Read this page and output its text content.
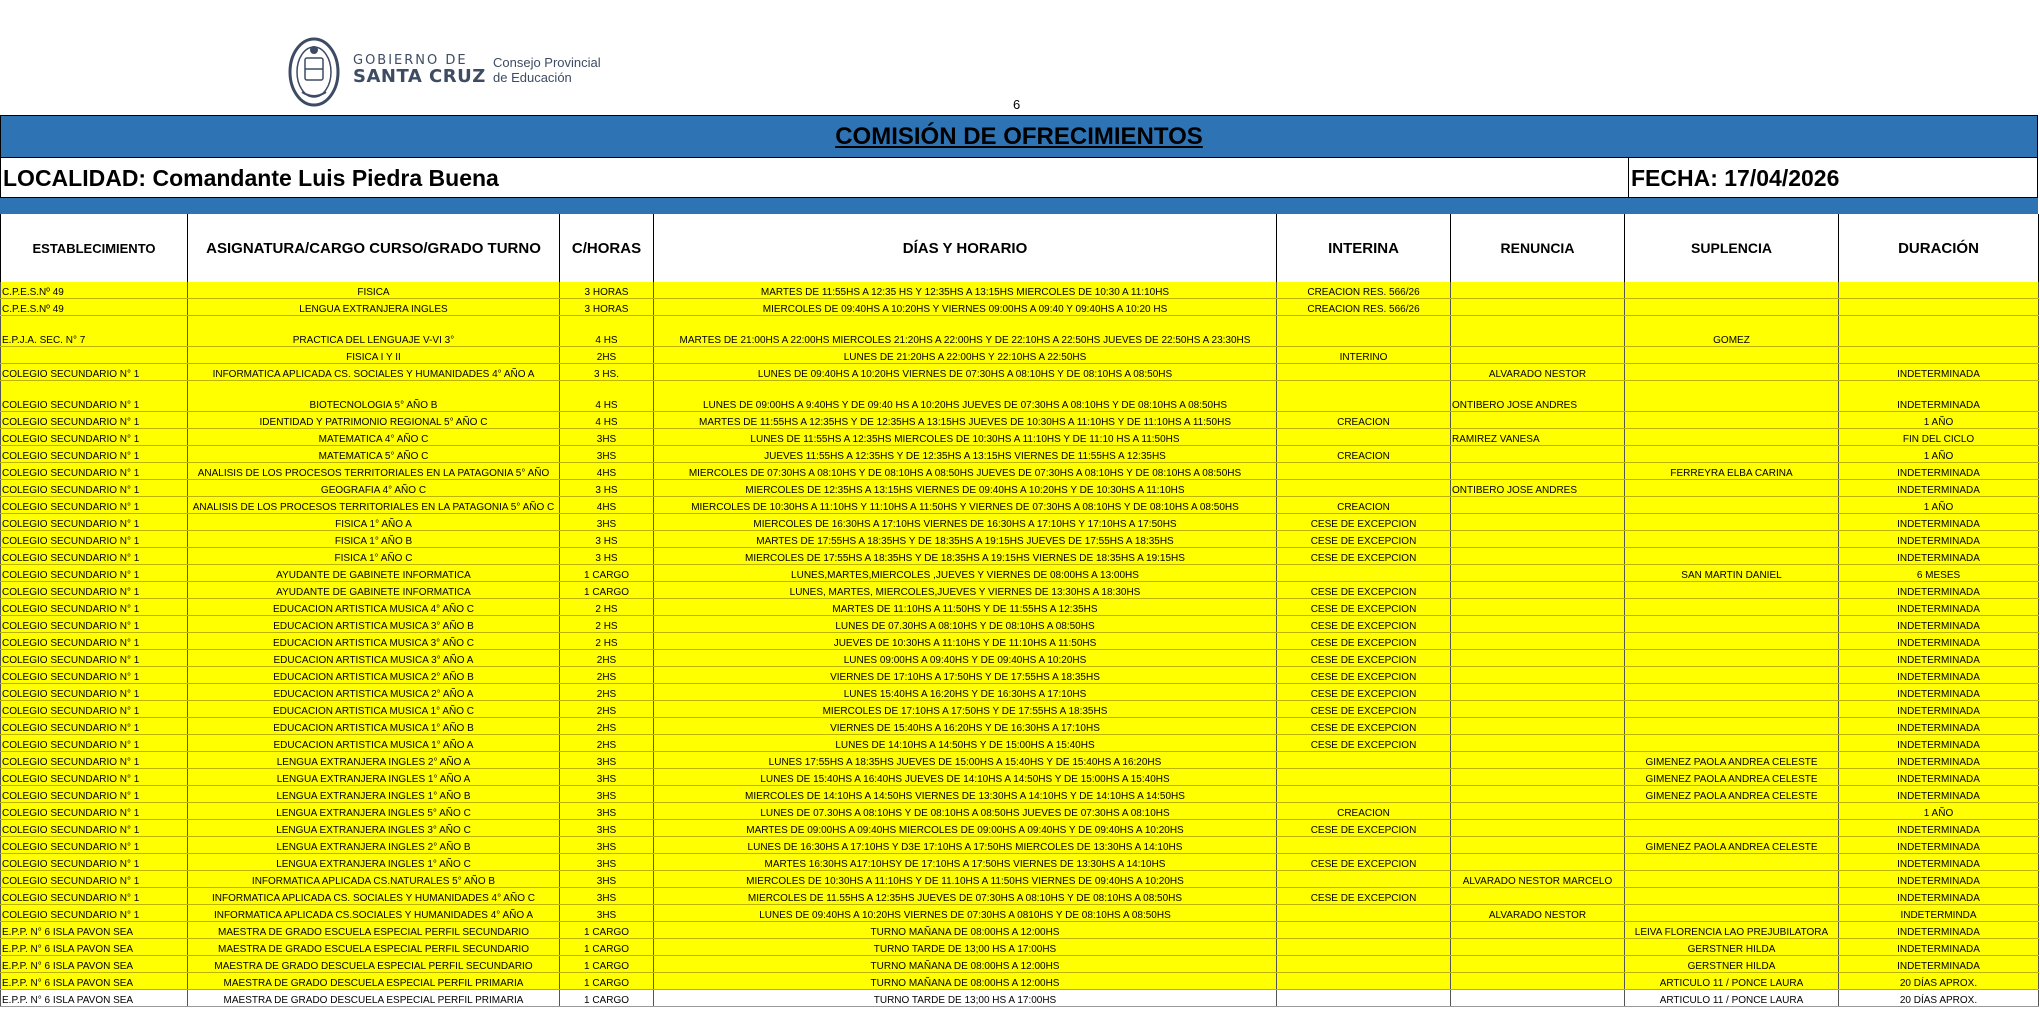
GOBIERNO DE
SANTA CRUZ
Consejo Provincial
de Educación
6
COMISIÓN DE OFRECIMIENTOS
LOCALIDAD: Comandante Luis Piedra Buena	FECHA: 17/04/2026
ESTABLECIMIENTO	ASIGNATURA/CARGO CURSO/GRADO TURNO	C/HORAS	DÍAS Y HORARIO	INTERINA	RENUNCIA	SUPLENCIA	DURACIÓN
C.P.E.S.Nº 49	FISICA	3 HORAS	MARTES DE 11:55HS A 12:35 HS Y 12:35HS A 13:15HS MIERCOLES DE 10:30 A 11:10HS	CREACION RES. 566/26			
C.P.E.S.Nº 49	LENGUA EXTRANJERA INGLES	3 HORAS	MIERCOLES DE 09:40HS A 10:20HS Y VIERNES 09:00HS A 09:40 Y 09:40HS A 10:20 HS	CREACION RES. 566/26			
E.P.J.A. SEC. N° 7	PRACTICA DEL LENGUAJE V-VI 3°	4 HS	MARTES DE 21:00HS A 22:00HS MIERCOLES 21:20HS A 22:00HS Y DE 22:10HS A 22:50HS JUEVES DE 22:50HS A 23:30HS			GOMEZ	
	FISICA I Y II	2HS	LUNES DE 21:20HS A 22:00HS Y 22:10HS A 22:50HS	INTERINO			
COLEGIO SECUNDARIO N° 1	INFORMATICA APLICADA CS. SOCIALES Y HUMANIDADES 4° AÑO A	3 HS.	LUNES DE 09:40HS A 10:20HS VIERNES DE 07:30HS A 08:10HS Y DE 08:10HS A 08:50HS		ALVARADO NESTOR		INDETERMINADA
COLEGIO SECUNDARIO N° 1	BIOTECNOLOGIA 5° AÑO B	4 HS	LUNES DE 09:00HS A 9:40HS Y DE 09:40 HS A 10:20HS JUEVES DE 07:30HS A 08:10HS Y DE 08:10HS A 08:50HS		ONTIBERO JOSE ANDRES		INDETERMINADA
COLEGIO SECUNDARIO N° 1	IDENTIDAD Y PATRIMONIO REGIONAL 5° AÑO C	4 HS	MARTES DE 11:55HS A 12:35HS Y DE 12:35HS A 13:15HS JUEVES DE 10:30HS A 11:10HS Y DE 11:10HS A 11:50HS	CREACION			1 AÑO
COLEGIO SECUNDARIO N° 1	MATEMATICA 4° AÑO C	3HS	LUNES DE 11:55HS A 12:35HS MIERCOLES DE 10:30HS A 11:10HS Y DE 11:10 HS A 11:50HS		RAMIREZ VANESA		FIN DEL CICLO
COLEGIO SECUNDARIO N° 1	MATEMATICA 5° AÑO C	3HS	JUEVES 11:55HS A 12:35HS Y DE 12:35HS A 13:15HS VIERNES DE 11:55HS A 12:35HS	CREACION			1 AÑO
COLEGIO SECUNDARIO N° 1	ANALISIS DE LOS PROCESOS TERRITORIALES EN LA PATAGONIA 5° AÑO	4HS	MIERCOLES DE 07:30HS A 08:10HS Y DE 08:10HS A 08:50HS JUEVES DE 07:30HS A 08:10HS Y DE 08:10HS A 08:50HS			FERREYRA ELBA CARINA	INDETERMINADA
COLEGIO SECUNDARIO N° 1	GEOGRAFIA 4° AÑO C	3 HS	MIERCOLES DE 12:35HS A 13:15HS VIERNES DE 09:40HS A 10:20HS Y DE 10:30HS A 11:10HS		ONTIBERO JOSE ANDRES		INDETERMINADA
COLEGIO SECUNDARIO N° 1	ANALISIS DE LOS PROCESOS TERRITORIALES EN LA PATAGONIA 5° AÑO C	4HS	MIERCOLES DE 10:30HS A 11:10HS Y 11:10HS A 11:50HS Y VIERNES DE 07:30HS A 08:10HS Y DE 08:10HS A 08:50HS	CREACION			1 AÑO
COLEGIO SECUNDARIO N° 1	FISICA 1° AÑO A	3HS	MIERCOLES DE 16:30HS A 17:10HS VIERNES DE 16:30HS A 17:10HS Y 17:10HS A 17:50HS	CESE DE EXCEPCION			INDETERMINADA
COLEGIO SECUNDARIO N° 1	FISICA 1° AÑO B	3 HS	MARTES DE 17:55HS A 18:35HS Y DE 18:35HS A 19:15HS JUEVES DE 17:55HS A 18:35HS	CESE DE EXCEPCION			INDETERMINADA
COLEGIO SECUNDARIO N° 1	FISICA 1° AÑO C	3 HS	MIERCOLES DE 17:55HS A 18:35HS Y DE 18:35HS A 19:15HS VIERNES DE 18:35HS A 19:15HS	CESE DE EXCEPCION			INDETERMINADA
COLEGIO SECUNDARIO N° 1	AYUDANTE DE GABINETE INFORMATICA	1 CARGO	LUNES,MARTES,MIERCOLES ,JUEVES Y VIERNES DE 08:00HS A 13:00HS			SAN MARTIN DANIEL	6 MESES
COLEGIO SECUNDARIO N° 1	AYUDANTE DE GABINETE INFORMATICA	1 CARGO	LUNES, MARTES, MIERCOLES,JUEVES Y VIERNES DE 13:30HS A 18:30HS	CESE DE EXCEPCION			INDETERMINADA
COLEGIO SECUNDARIO N° 1	EDUCACION ARTISTICA MUSICA 4° AÑO C	2 HS	MARTES DE 11:10HS A 11:50HS Y DE 11:55HS A 12:35HS	CESE DE EXCEPCION			INDETERMINADA
COLEGIO SECUNDARIO N° 1	EDUCACION ARTISTICA MUSICA 3° AÑO B	2 HS	LUNES DE 07.30HS A 08:10HS Y DE 08:10HS A 08:50HS	CESE DE EXCEPCION			INDETERMINADA
COLEGIO SECUNDARIO N° 1	EDUCACION ARTISTICA MUSICA 3° AÑO C	2 HS	JUEVES DE 10:30HS A 11:10HS Y DE 11:10HS A 11:50HS	CESE DE EXCEPCION			INDETERMINADA
COLEGIO SECUNDARIO N° 1	EDUCACION ARTISTICA MUSICA 3° AÑO A	2HS	LUNES 09:00HS A 09:40HS Y DE 09:40HS A 10:20HS	CESE DE EXCEPCION			INDETERMINADA
COLEGIO SECUNDARIO N° 1	EDUCACION ARTISTICA MUSICA 2° AÑO B	2HS	VIERNES DE 17:10HS A 17:50HS Y DE 17:55HS A 18:35HS	CESE DE EXCEPCION			INDETERMINADA
COLEGIO SECUNDARIO N° 1	EDUCACION ARTISTICA MUSICA 2° AÑO A	2HS	LUNES 15:40HS A 16:20HS Y DE 16:30HS A 17:10HS	CESE DE EXCEPCION			INDETERMINADA
COLEGIO SECUNDARIO N° 1	EDUCACION ARTISTICA MUSICA 1° AÑO C	2HS	MIERCOLES DE 17:10HS A 17:50HS Y DE 17:55HS A 18:35HS	CESE DE EXCEPCION			INDETERMINADA
COLEGIO SECUNDARIO N° 1	EDUCACION ARTISTICA MUSICA 1° AÑO B	2HS	VIERNES DE 15:40HS A 16:20HS Y DE 16:30HS A 17:10HS	CESE DE EXCEPCION			INDETERMINADA
COLEGIO SECUNDARIO N° 1	EDUCACION ARTISTICA MUSICA 1° AÑO A	2HS	LUNES DE 14:10HS A 14:50HS Y DE 15:00HS A 15:40HS	CESE DE EXCEPCION			INDETERMINADA
COLEGIO SECUNDARIO N° 1	LENGUA EXTRANJERA INGLES 2° AÑO A	3HS	LUNES 17:55HS A 18:35HS JUEVES DE 15:00HS A 15:40HS Y DE 15:40HS A 16:20HS			GIMENEZ PAOLA ANDREA CELESTE	INDETERMINADA
COLEGIO SECUNDARIO N° 1	LENGUA EXTRANJERA INGLES 1° AÑO A	3HS	LUNES DE 15:40HS A 16:40HS JUEVES DE 14:10HS A 14:50HS Y DE 15:00HS A 15:40HS			GIMENEZ PAOLA ANDREA CELESTE	INDETERMINADA
COLEGIO SECUNDARIO N° 1	LENGUA EXTRANJERA INGLES 1° AÑO B	3HS	MIERCOLES DE 14:10HS A 14:50HS VIERNES DE 13:30HS A 14:10HS Y DE 14:10HS A 14:50HS			GIMENEZ PAOLA ANDREA CELESTE	INDETERMINADA
COLEGIO SECUNDARIO N° 1	LENGUA EXTRANJERA INGLES 5° AÑO C	3HS	LUNES DE 07.30HS A 08:10HS Y DE 08:10HS A 08:50HS JUEVES DE 07:30HS A 08:10HS	CREACION			1 AÑO
COLEGIO SECUNDARIO N° 1	LENGUA EXTRANJERA INGLES 3° AÑO C	3HS	MARTES DE 09:00HS A 09:40HS MIERCOLES DE 09:00HS A 09:40HS Y DE 09:40HS A 10:20HS	CESE DE EXCEPCION			INDETERMINADA
COLEGIO SECUNDARIO N° 1	LENGUA EXTRANJERA INGLES 2° AÑO B	3HS	LUNES DE 16:30HS A 17:10HS Y D3E 17:10HS A 17:50HS MIERCOLES DE 13:30HS A 14:10HS			GIMENEZ PAOLA ANDREA CELESTE	INDETERMINADA
COLEGIO SECUNDARIO N° 1	LENGUA EXTRANJERA INGLES 1° AÑO C	3HS	MARTES 16:30HS A17:10HSY DE 17:10HS A 17:50HS VIERNES DE 13:30HS A 14:10HS	CESE DE EXCEPCION			INDETERMINADA
COLEGIO SECUNDARIO N° 1	INFORMATICA APLICADA CS.NATURALES 5° AÑO B	3HS	MIERCOLES DE 10:30HS A 11:10HS Y DE 11.10HS A 11:50HS VIERNES DE 09:40HS A 10:20HS		ALVARADO NESTOR MARCELO		INDETERMINADA
COLEGIO SECUNDARIO N° 1	INFORMATICA APLICADA CS. SOCIALES Y HUMANIDADES 4° AÑO C	3HS	MIERCOLES DE 11.55HS A 12:35HS JUEVES DE 07:30HS A 08:10HS Y DE 08:10HS A 08:50HS	CESE DE EXCEPCION			INDETERMINADA
COLEGIO SECUNDARIO N° 1	INFORMATICA APLICADA CS.SOCIALES Y HUMANIDADES 4° AÑO A	3HS	LUNES DE 09:40HS A 10:20HS VIERNES DE 07:30HS A 0810HS Y DE 08:10HS A 08:50HS		ALVARADO NESTOR		INDETERMINDA
E.P.P. N° 6 ISLA PAVON SEA	MAESTRA DE GRADO ESCUELA ESPECIAL PERFIL SECUNDARIO	1 CARGO	TURNO MAÑANA DE 08:00HS A 12:00HS			LEIVA FLORENCIA LAO PREJUBILATORA	INDETERMINADA
E.P.P. N° 6 ISLA PAVON SEA	MAESTRA DE GRADO ESCUELA ESPECIAL PERFIL SECUNDARIO	1 CARGO	TURNO TARDE DE 13;00 HS A 17:00HS			GERSTNER HILDA	INDETERMINADA
E.P.P. N° 6 ISLA PAVON SEA	MAESTRA DE GRADO DESCUELA ESPECIAL PERFIL SECUNDARIO	1 CARGO	TURNO MAÑANA DE 08:00HS A 12:00HS			GERSTNER HILDA	INDETERMINADA
E.P.P. N° 6 ISLA PAVON SEA	MAESTRA DE GRADO DESCUELA ESPECIAL PERFIL PRIMARIA	1 CARGO	TURNO MAÑANA DE 08:00HS A 12:00HS			ARTICULO 11 / PONCE LAURA	20 DÍAS APROX.
E.P.P. N° 6 ISLA PAVON SEA	MAESTRA DE GRADO DESCUELA ESPECIAL PERFIL PRIMARIA	1 CARGO	TURNO TARDE DE 13;00 HS A 17:00HS			ARTICULO 11 / PONCE LAURA	20 DÍAS APROX.
